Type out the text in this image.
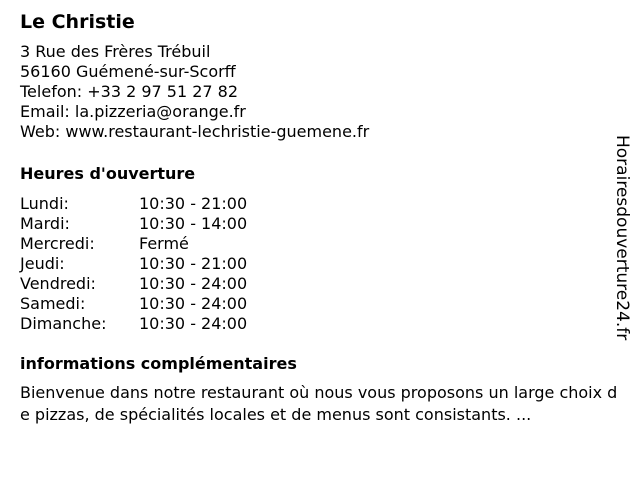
Le Christie
3 Rue des Frères Trébuil
56160 Guémené-sur-Scorff
Telefon: +33 2 97 51 27 82
Email: la.pizzeria@orange.fr
Web: www.restaurant-lechristie-guemene.fr
Heures d'ouverture
Lundi:	10:30 - 21:00
Mardi:	10:30 - 14:00
Mercredi:	Fermé
Jeudi:	10:30 - 21:00
Vendredi:	10:30 - 24:00
Samedi:	10:30 - 24:00
Dimanche: 10:30 - 24:00
informations complémentaires
Bienvenue dans notre restaurant où nous vous proposons un large choix de pizzas, de spécialités locales et de menus sont consistants. ...
Horairesdouverture24.fr
